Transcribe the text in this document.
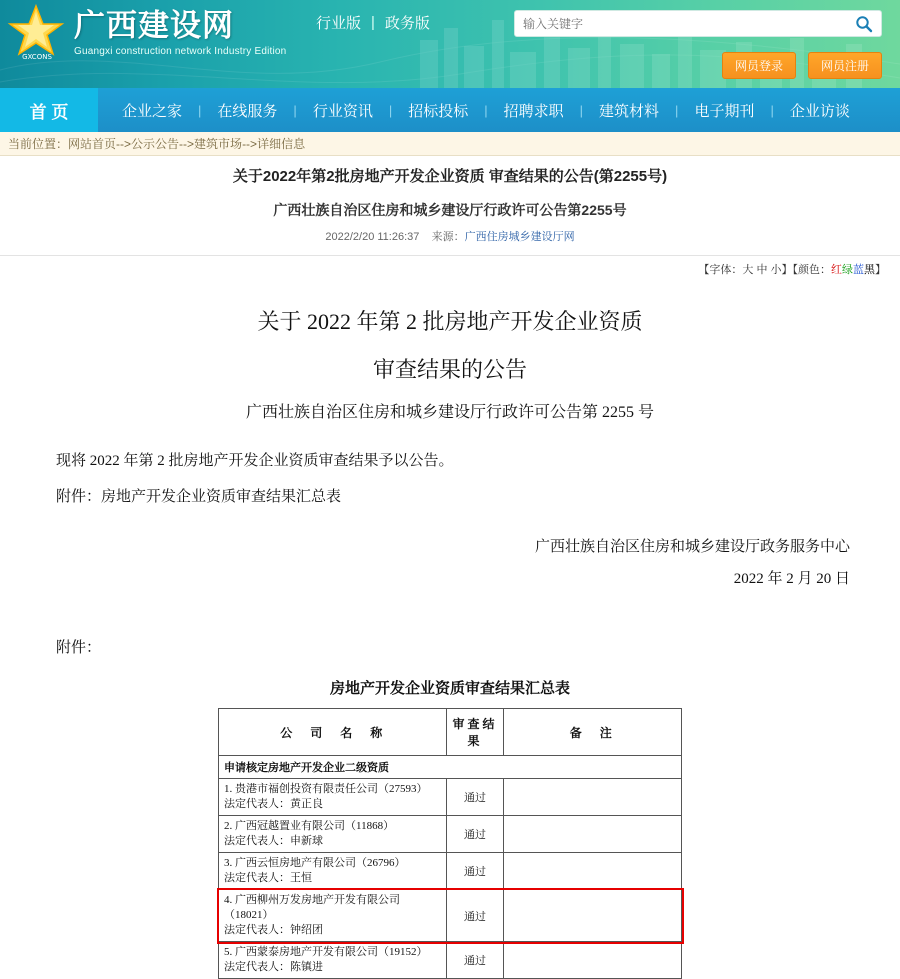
GXCONS
广西建设网
Guangxi construction network Industry Edition
行业版 | 政务版
输入关键字
网员登录	网员注册
首 页	企业之家	|	在线服务	|	行业资讯	|	招标投标	|	招聘求职	|	建筑材料	|	电子期刊	|	企业访谈
当前位置： 网站首页 --> 公示公告 --> 建筑市场 --> 详细信息
关于2022年第2批房地产开发企业资质 审查结果的公告(第2255号)
广西壮族自治区住房和城乡建设厅行政许可公告第2255号
2022/2/20 11:26:37 来源：广西住房城乡建设厅网
【字体：大 中 小】【颜色：红绿蓝黑】
关于 2022 年第 2 批房地产开发企业资质
审查结果的公告
广西壮族自治区住房和城乡建设厅行政许可公告第 2255 号
现将 2022 年第 2 批房地产开发企业资质审查结果予以公告。
附件：房地产开发企业资质审查结果汇总表
广西壮族自治区住房和城乡建设厅政务服务中心
2022 年 2 月 20 日
附件：
房地产开发企业资质审查结果汇总表
公　司　名　称	审查结果	备　注
申请核定房地产开发企业二级资质		

1. 贵港市福创投资有限责任公司（27593）
法定代表人：黄正良	通过	

2. 广西冠越置业有限公司（11868）
法定代表人：申新球	通过	

3. 广西云恒房地产有限公司（26796）
法定代表人：王恒	通过	

4. 广西柳州万发房地产开发有限公司（18021）
法定代表人：钟绍团	通过	

5. 广西蒙泰房地产开发有限公司（19152）
法定代表人：陈镇进	通过	
